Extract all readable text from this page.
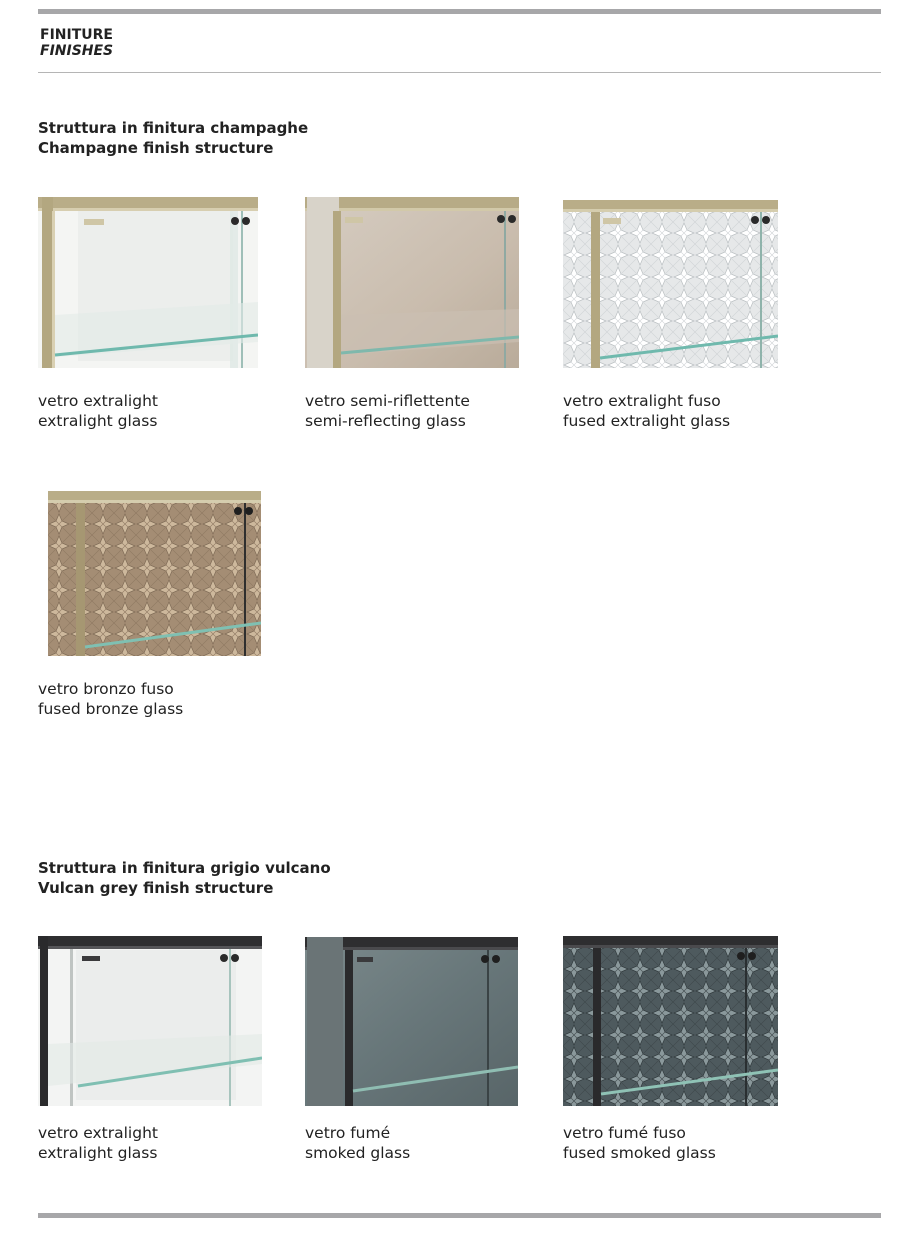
FINITURE
FINISHES
Struttura in finitura champaghe
Champagne finish structure
vetro extralight
extralight glass
vetro semi-riflettente
semi-reflecting glass
vetro extralight fuso
fused extralight glass
vetro bronzo fuso
fused bronze glass
Struttura in finitura grigio vulcano
Vulcan grey finish structure
vetro extralight
extralight glass
vetro fumé
smoked glass
vetro fumé fuso
fused smoked glass
